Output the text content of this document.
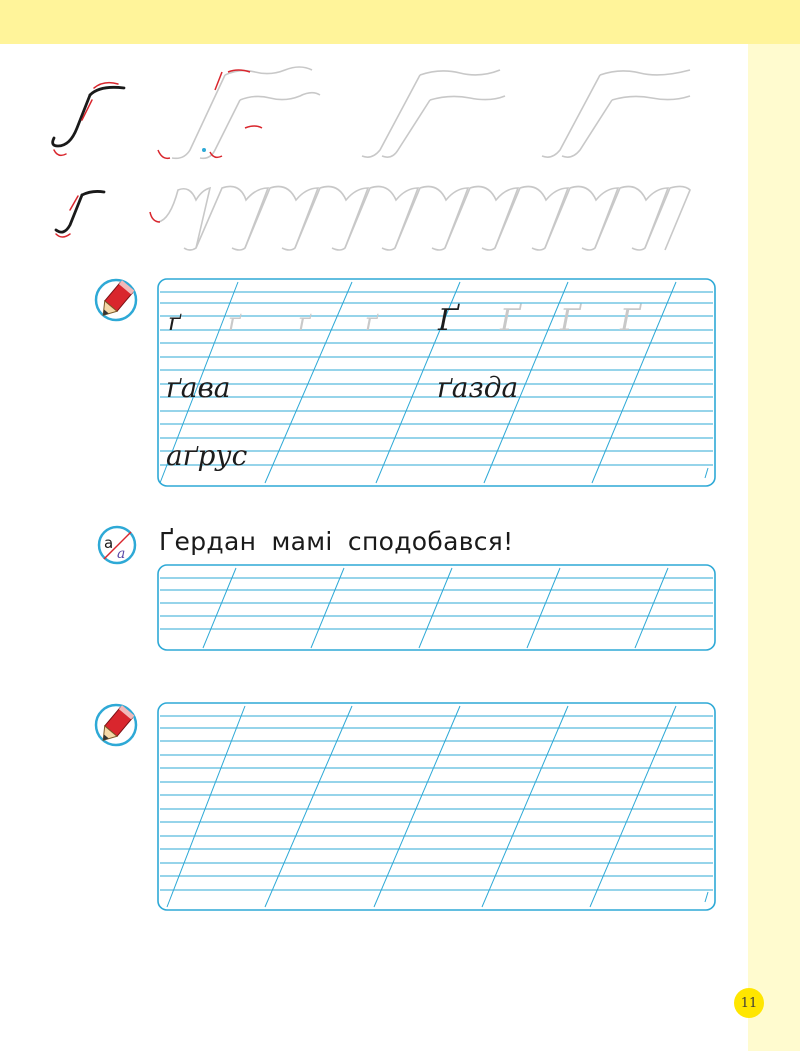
ґ ґ ґ ґ Ґ Ґ Ґ Ґ
ґава	ґазда
аґрус
а
а Ґердан мамі сподобався!
11
